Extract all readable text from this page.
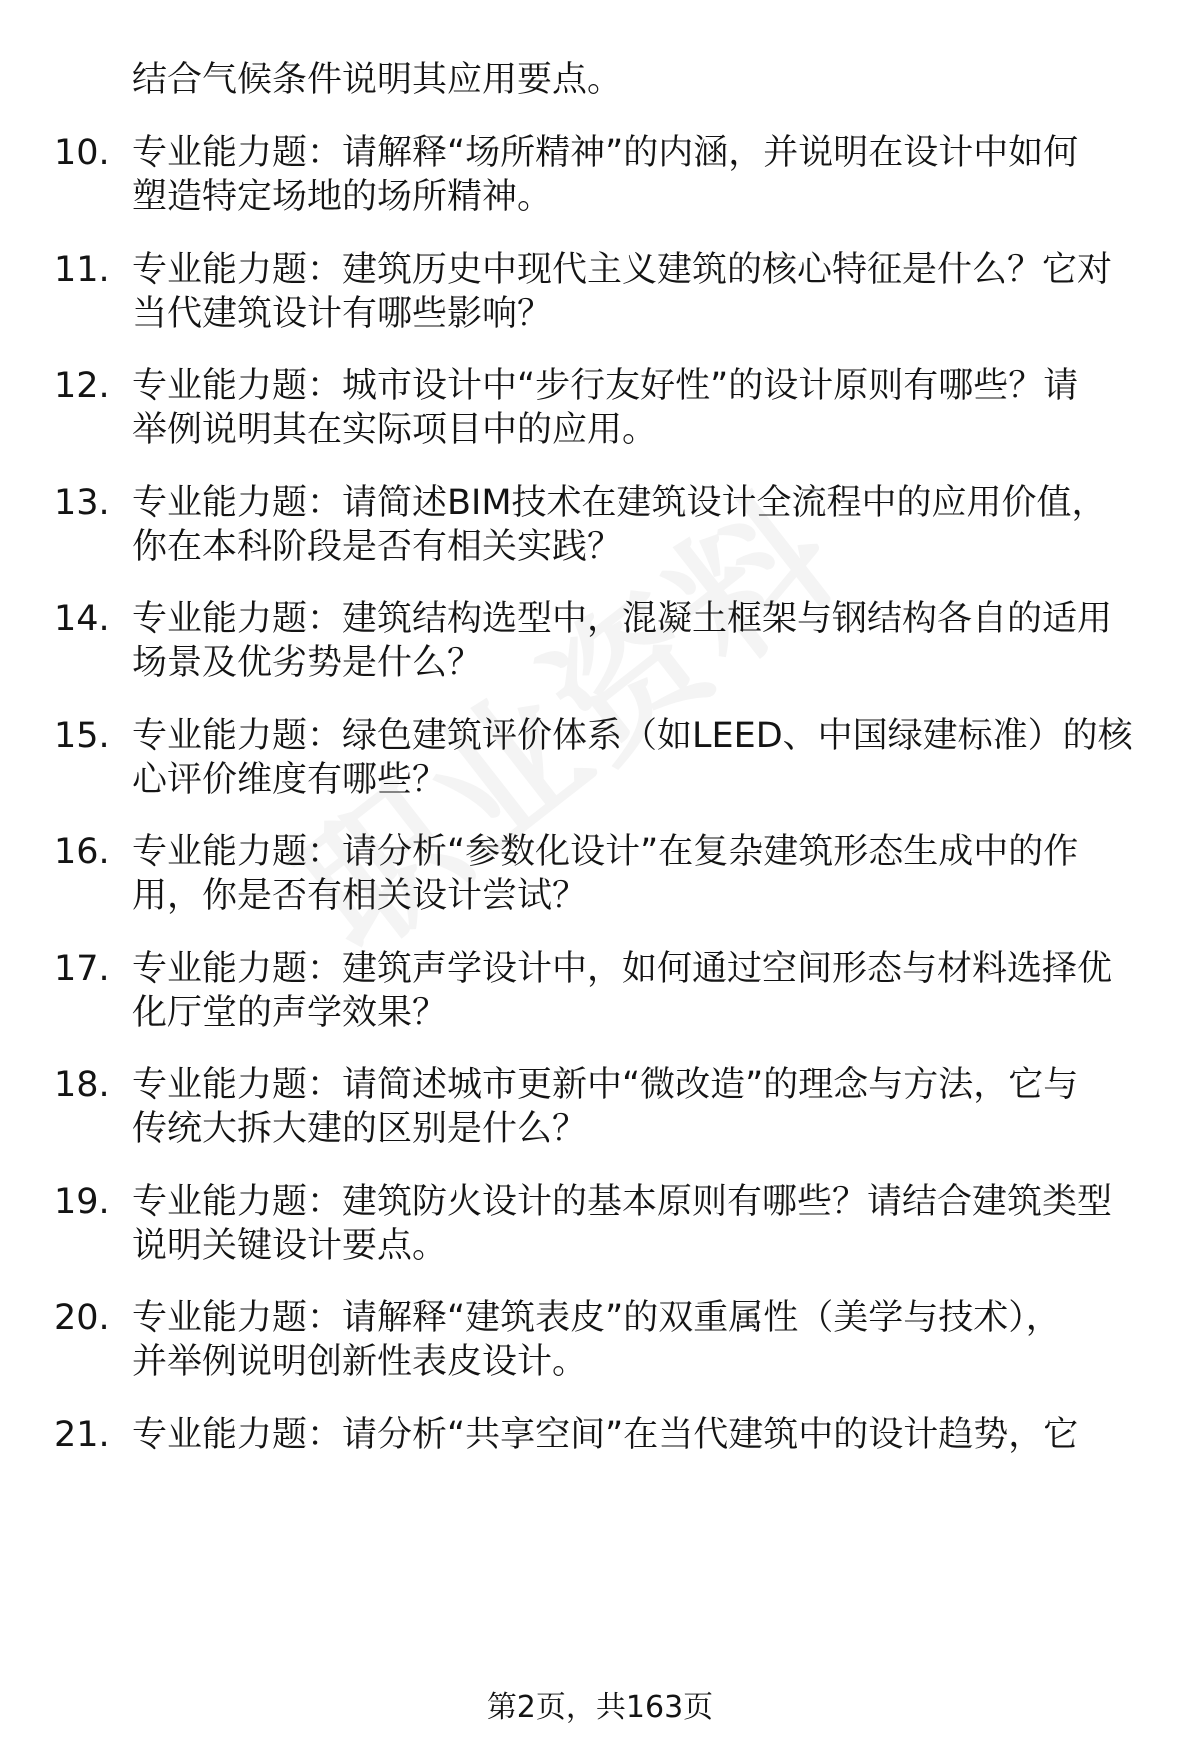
结合气候条件说明其应用要点。
10. 专业能力题：请解释“场所精神”的内涵，并说明在设计中如何
塑造特定场地的场所精神。
11. 专业能力题：建筑历史中现代主义建筑的核心特征是什么？它对
当代建筑设计有哪些影响？
12. 专业能力题：城市设计中“步行友好性”的设计原则有哪些？请
举例说明其在实际项目中的应用。
13. 专业能力题：请简述BIM技术在建筑设计全流程中的应用价值，
你在本科阶段是否有相关实践？
14. 专业能力题：建筑结构选型中，混凝土框架与钢结构各自的适用
场景及优劣势是什么？
15. 专业能力题：绿色建筑评价体系（如LEED、中国绿建标准）的核
心评价维度有哪些？
16. 专业能力题：请分析“参数化设计”在复杂建筑形态生成中的作
用，你是否有相关设计尝试？
17. 专业能力题：建筑声学设计中，如何通过空间形态与材料选择优
化厅堂的声学效果？
18. 专业能力题：请简述城市更新中“微改造”的理念与方法，它与
传统大拆大建的区别是什么？
19. 专业能力题：建筑防火设计的基本原则有哪些？请结合建筑类型
说明关键设计要点。
20. 专业能力题：请解释“建筑表皮”的双重属性（美学与技术），
并举例说明创新性表皮设计。
21. 专业能力题：请分析“共享空间”在当代建筑中的设计趋势，它
第2页，共163页
